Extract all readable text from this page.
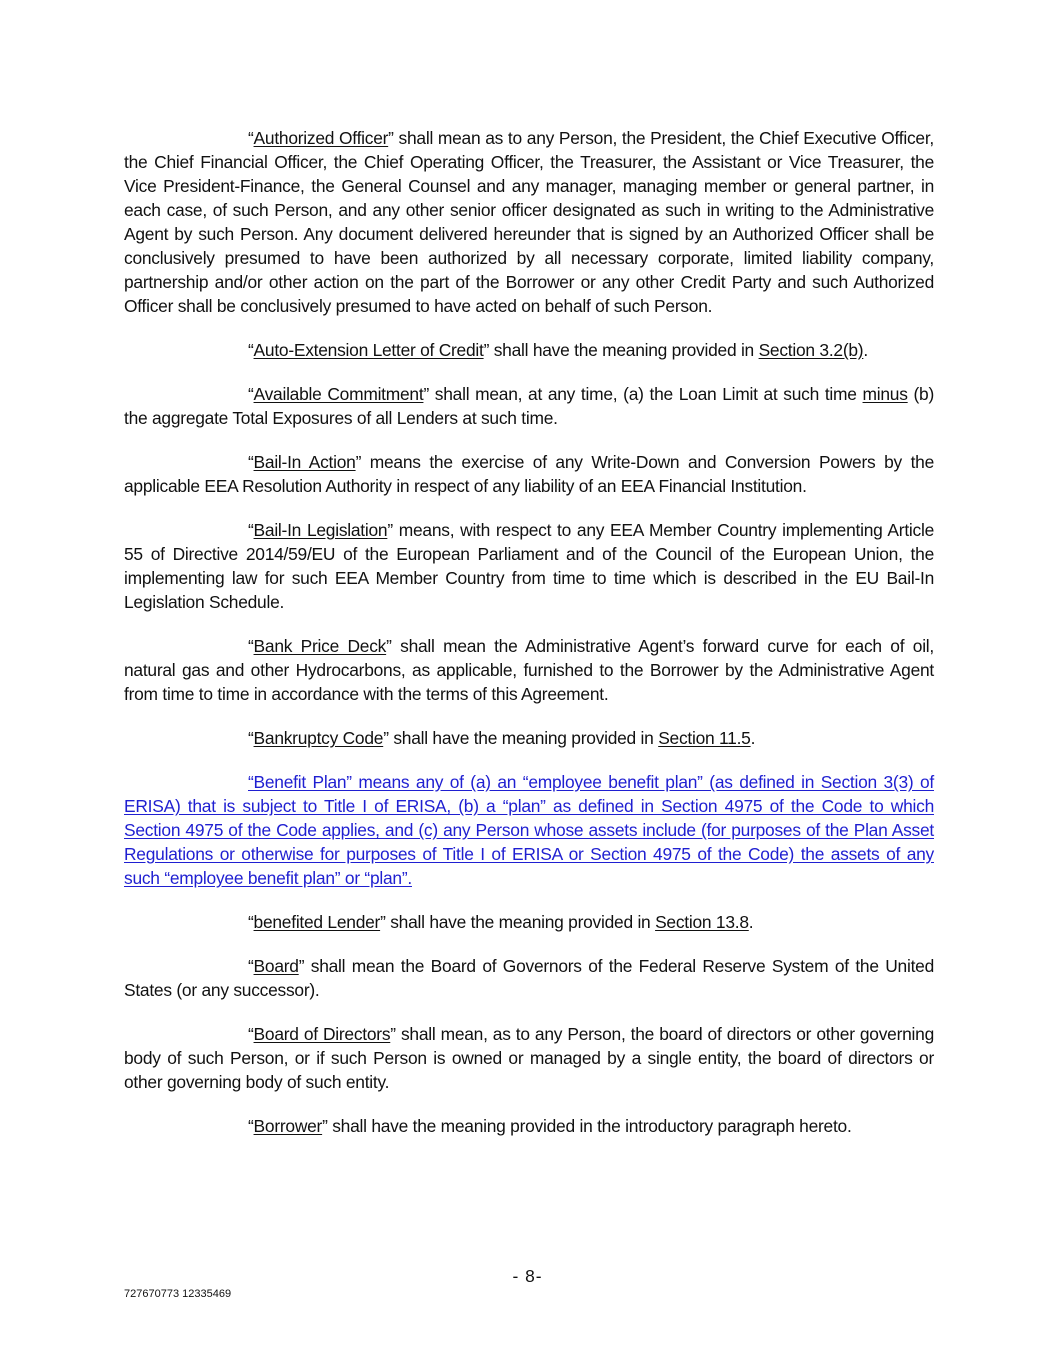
“Authorized Officer” shall mean as to any Person, the President, the Chief Executive Officer, the Chief Financial Officer, the Chief Operating Officer, the Treasurer, the Assistant or Vice Treasurer, the Vice President-Finance, the General Counsel and any manager, managing member or general partner, in each case, of such Person, and any other senior officer designated as such in writing to the Administrative Agent by such Person. Any document delivered hereunder that is signed by an Authorized Officer shall be conclusively presumed to have been authorized by all necessary corporate, limited liability company, partnership and/or other action on the part of the Borrower or any other Credit Party and such Authorized Officer shall be conclusively presumed to have acted on behalf of such Person.

“Auto-Extension Letter of Credit” shall have the meaning provided in Section 3.2(b).

“Available Commitment” shall mean, at any time, (a) the Loan Limit at such time minus (b) the aggregate Total Exposures of all Lenders at such time.

“Bail-In Action” means the exercise of any Write-Down and Conversion Powers by the applicable EEA Resolution Authority in respect of any liability of an EEA Financial Institution.

“Bail-In Legislation” means, with respect to any EEA Member Country implementing Article 55 of Directive 2014/59/EU of the European Parliament and of the Council of the European Union, the implementing law for such EEA Member Country from time to time which is described in the EU Bail-In Legislation Schedule.

“Bank Price Deck” shall mean the Administrative Agent’s forward curve for each of oil, natural gas and other Hydrocarbons, as applicable, furnished to the Borrower by the Administrative Agent from time to time in accordance with the terms of this Agreement.

“Bankruptcy Code” shall have the meaning provided in Section 11.5.

“Benefit Plan” means any of (a) an “employee benefit plan” (as defined in Section 3(3) of ERISA) that is subject to Title I of ERISA, (b) a “plan” as defined in Section 4975 of the Code to which Section 4975 of the Code applies, and (c) any Person whose assets include (for purposes of the Plan Asset Regulations or otherwise for purposes of Title I of ERISA or Section 4975 of the Code) the assets of any such “employee benefit plan” or “plan”.

“benefited Lender” shall have the meaning provided in Section 13.8.

“Board” shall mean the Board of Governors of the Federal Reserve System of the United States (or any successor).

“Board of Directors” shall mean, as to any Person, the board of directors or other governing body of such Person, or if such Person is owned or managed by a single entity, the board of directors or other governing body of such entity.

“Borrower” shall have the meaning provided in the introductory paragraph hereto.

- 8-
727670773 12335469
